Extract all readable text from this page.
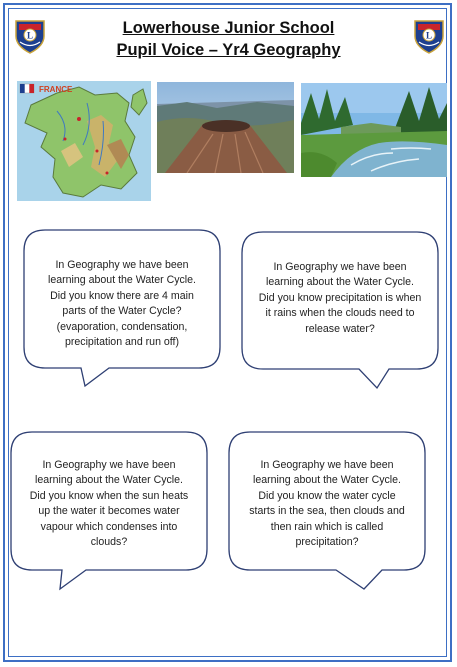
L	L
Lowerhouse Junior School
Pupil Voice – Yr4 Geography
FRANCE
In Geography we have been
learning about the Water Cycle.
Did you know there are 4 main
parts of the Water Cycle?
(evaporation, condensation,
precipitation and run off)
In Geography we have been
learning about the Water Cycle.
Did you know precipitation is when
it rains when the clouds need to
release water?
In Geography we have been
learning about the Water Cycle.
Did you know when the sun heats
up the water it becomes water
vapour which condenses into
clouds?
In Geography we have been
learning about the Water Cycle.
Did you know the water cycle
starts in the sea, then clouds and
then rain which is called
precipitation?
